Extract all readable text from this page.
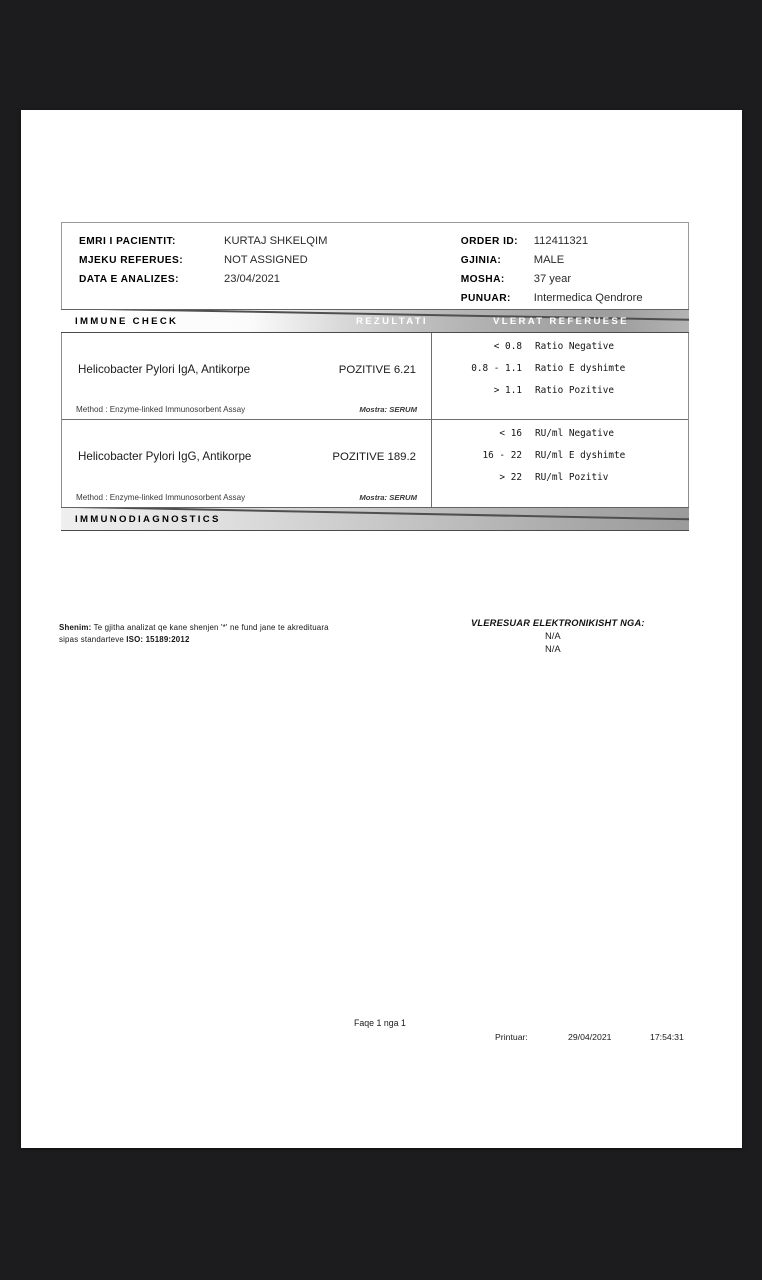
EMRI I PACIENTIT:	KURTAJ SHKELQIM
MJEKU REFERUES:	NOT ASSIGNED
DATA E ANALIZES:	23/04/2021
ORDER ID:	112411321
GJINIA:	MALE
MOSHA:	37 year
PUNUAR:	Intermedica Qendrore
IMMUNE CHECK	REZULTATI	VLERAT REFERUESE
Helicobacter Pylori IgA, Antikorpe	POZITIVE 6.21
Method : Enzyme-linked Immunosorbent Assay	Mostra: SERUM
< 0.8 Ratio Negative
0.8 - 1.1 Ratio E dyshimte
> 1.1 Ratio Pozitive
Helicobacter Pylori IgG, Antikorpe	POZITIVE 189.2
Method : Enzyme-linked Immunosorbent Assay	Mostra: SERUM
< 16 RU/ml Negative
16 - 22 RU/ml E dyshimte
> 22 RU/ml Pozitiv
IMMUNODIAGNOSTICS
Shenim: Te gjitha analizat qe kane shenjen '*' ne fund jane te akredituara
sipas standarteve ISO: 15189:2012
VLERESUAR ELEKTRONIKISHT NGA:
N/A
N/A
Faqe 1 nga 1
Printuar:	29/04/2021	17:54:31
